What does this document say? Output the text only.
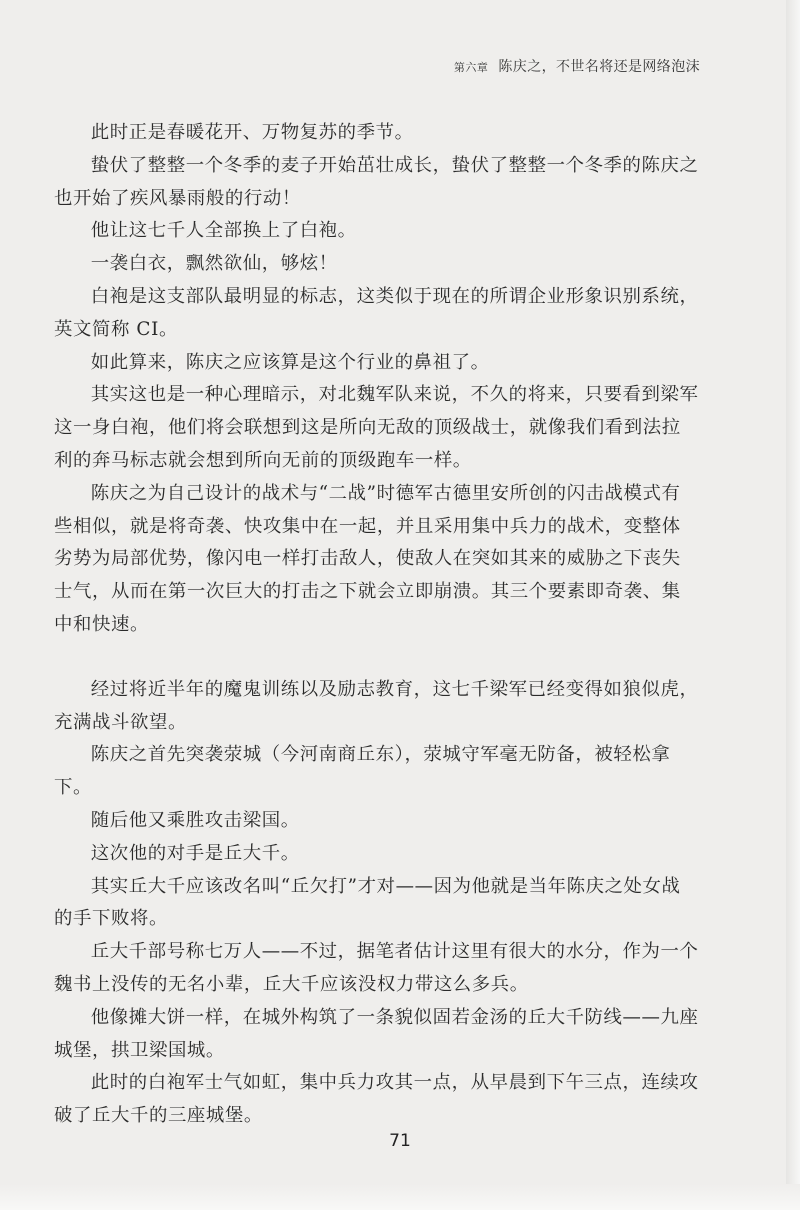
第六章 陈庆之，不世名将还是网络泡沫

此时正是春暖花开、万物复苏的季节。

蛰伏了整整一个冬季的麦子开始茁壮成长，蛰伏了整整一个冬季的陈庆之也开始了疾风暴雨般的行动！

他让这七千人全部换上了白袍。

一袭白衣，飘然欲仙，够炫！

白袍是这支部队最明显的标志，这类似于现在的所谓企业形象识别系统，英文简称 CI。

如此算来，陈庆之应该算是这个行业的鼻祖了。

其实这也是一种心理暗示，对北魏军队来说，不久的将来，只要看到梁军这一身白袍，他们将会联想到这是所向无敌的顶级战士，就像我们看到法拉利的奔马标志就会想到所向无前的顶级跑车一样。

陈庆之为自己设计的战术与“二战”时德军古德里安所创的闪击战模式有些相似，就是将奇袭、快攻集中在一起，并且采用集中兵力的战术，变整体劣势为局部优势，像闪电一样打击敌人，使敌人在突如其来的威胁之下丧失士气，从而在第一次巨大的打击之下就会立即崩溃。其三个要素即奇袭、集中和快速。

经过将近半年的魔鬼训练以及励志教育，这七千梁军已经变得如狼似虎，充满战斗欲望。

陈庆之首先突袭荥城（今河南商丘东），荥城守军毫无防备，被轻松拿下。

随后他又乘胜攻击梁国。

这次他的对手是丘大千。

其实丘大千应该改名叫“丘欠打”才对——因为他就是当年陈庆之处女战的手下败将。

丘大千部号称七万人——不过，据笔者估计这里有很大的水分，作为一个魏书上没传的无名小辈，丘大千应该没权力带这么多兵。

他像摊大饼一样，在城外构筑了一条貌似固若金汤的丘大千防线——九座城堡，拱卫梁国城。

此时的白袍军士气如虹，集中兵力攻其一点，从早晨到下午三点，连续攻破了丘大千的三座城堡。

71
